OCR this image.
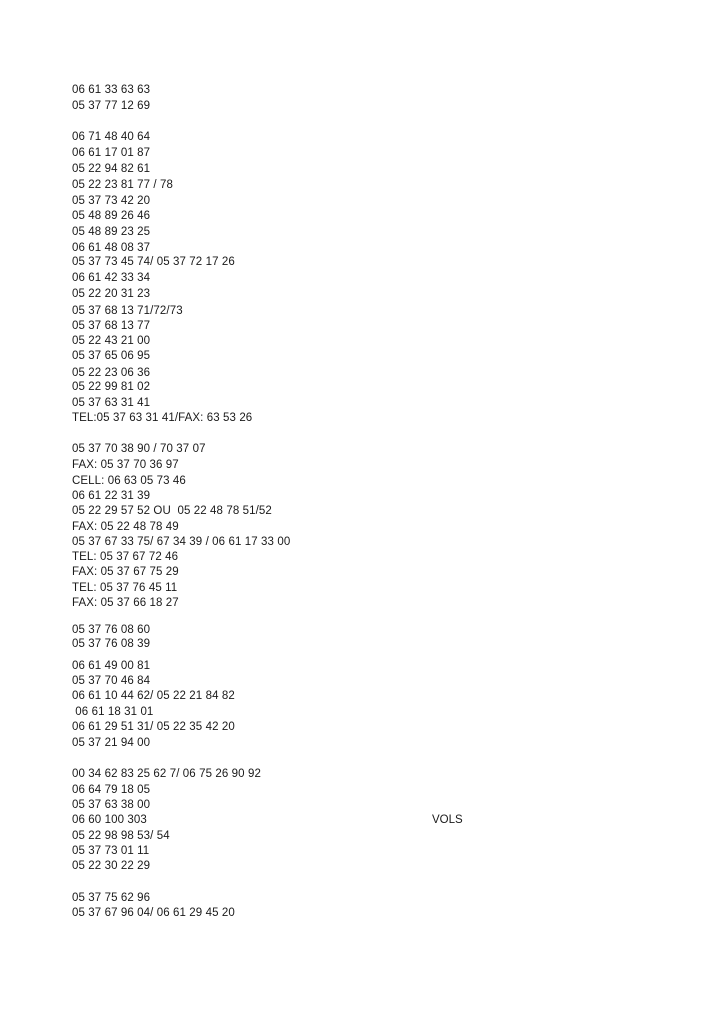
06 61 33 63 63
05 37 77 12 69
06 71 48 40 64
06 61 17 01 87
05 22 94 82 61
05 22 23 81 77 / 78
05 37 73 42 20
05 48 89 26 46
05 48 89 23 25
06 61 48 08 37
05 37 73 45 74/ 05 37 72 17 26
06 61 42 33 34
05 22 20 31 23
05 37 68 13 71/72/73
05 37 68 13 77
05 22 43 21 00
05 37 65 06 95
05 22 23 06 36
05 22 99 81 02
05 37 63 31 41
TEL:05 37 63 31 41/FAX: 63 53 26
05 37 70 38 90 / 70 37 07
FAX: 05 37 70 36 97
CELL: 06 63 05 73 46
06 61 22 31 39
05 22 29 57 52 OU  05 22 48 78 51/52
FAX: 05 22 48 78 49
05 37 67 33 75/ 67 34 39 / 06 61 17 33 00
TEL: 05 37 67 72 46
FAX: 05 37 67 75 29
TEL: 05 37 76 45 11
FAX: 05 37 66 18 27
05 37 76 08 60
05 37 76 08 39
06 61 49 00 81
05 37 70 46 84
06 61 10 44 62/ 05 22 21 84 82
06 61 18 31 01
06 61 29 51 31/ 05 22 35 42 20
05 37 21 94 00
00 34 62 83 25 62 7/ 06 75 26 90 92
06 64 79 18 05
05 37 63 38 00
06 60 100 303	VOLS
05 22 98 98 53/ 54
05 37 73 01 11
05 22 30 22 29
05 37 75 62 96
05 37 67 96 04/ 06 61 29 45 20
